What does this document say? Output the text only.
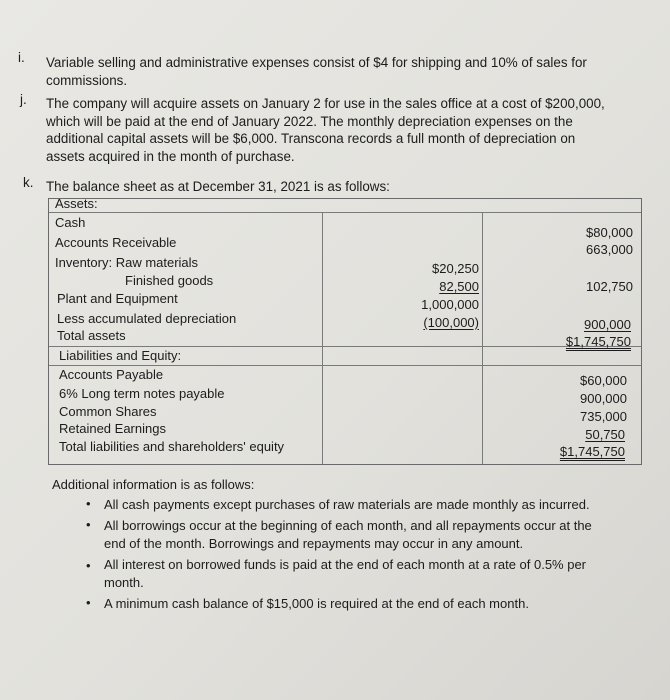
i. Variable selling and administrative expenses consist of $4 for shipping and 10% of sales for
commissions.
j. The company will acquire assets on January 2 for use in the sales office at a cost of $200,000,
which will be paid at the end of January 2022. The monthly depreciation expenses on the
additional capital assets will be $6,000. Transcona records a full month of depreciation on
assets acquired in the month of purchase.
k. The balance sheet as at December 31, 2021 is as follows:
Assets:
Cash
Accounts Receivable
Inventory: Raw materials
Finished goods
Plant and Equipment
Less accumulated depreciation
Total assets
$20,250
82,500
1,000,000
(100,000)
$80,000
663,000
102,750
900,000
$1,745,750
Liabilities and Equity:
Accounts Payable
6% Long term notes payable
Common Shares
Retained Earnings
Total liabilities and shareholders' equity
$60,000
900,000
735,000
50,750
$1,745,750
Additional information is as follows:
• All cash payments except purchases of raw materials are made monthly as incurred.
• All borrowings occur at the beginning of each month, and all repayments occur at the
end of the month. Borrowings and repayments may occur in any amount.
• All interest on borrowed funds is paid at the end of each month at a rate of 0.5% per
month.
• A minimum cash balance of $15,000 is required at the end of each month.
